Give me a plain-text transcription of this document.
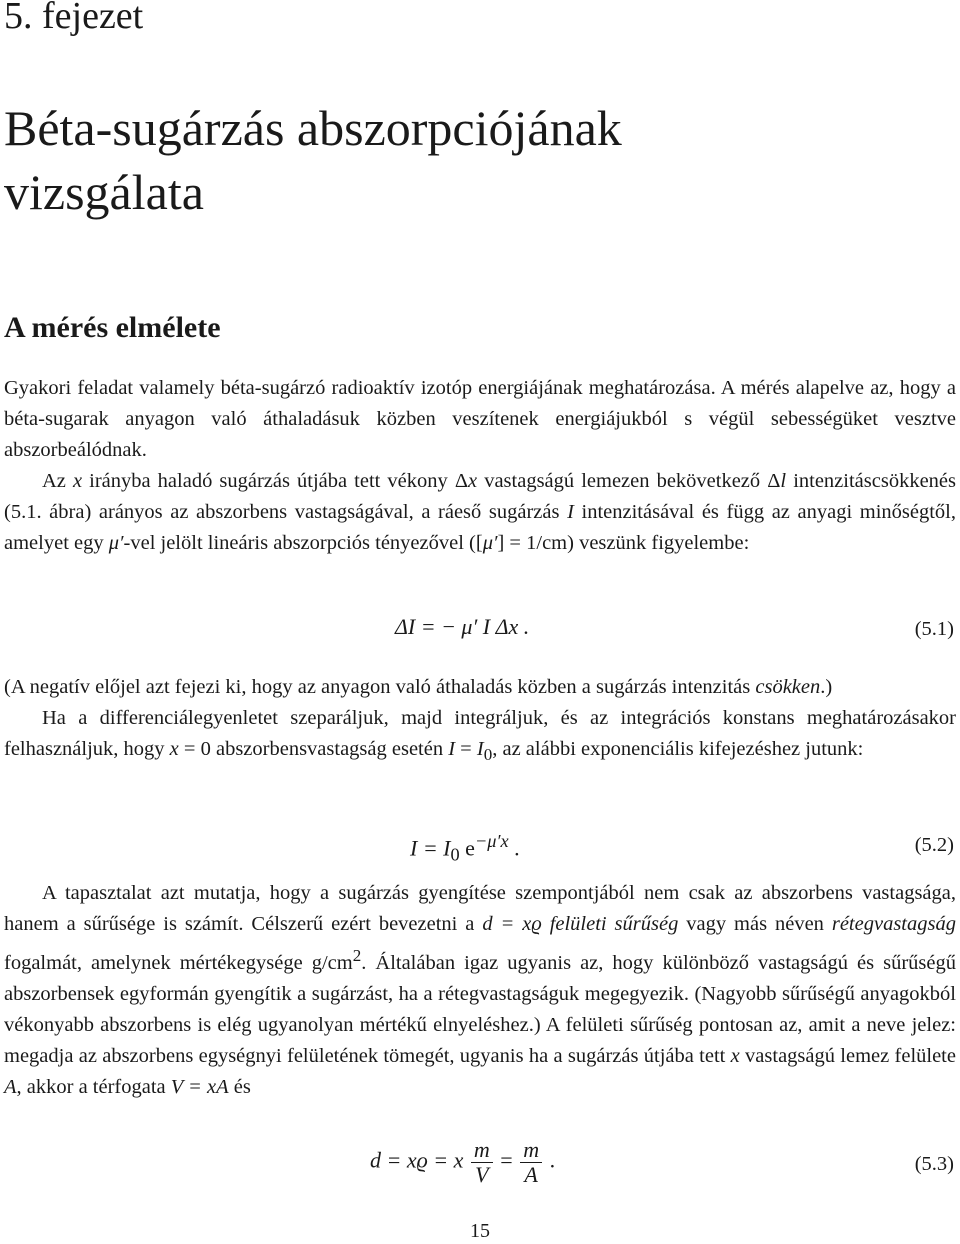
5. fejezet
Béta-sugárzás abszorpciójának
vizsgálata
A mérés elmélete

Gyakori feladat valamely béta-sugárzó radioaktív izotóp energiájának meghatározása. A mérés alapelve az, hogy a béta-sugarak anyagon való áthaladásuk közben veszítenek energiájukból s végül sebességüket vesztve abszorbeálódnak.

Az x irányba haladó sugárzás útjába tett vékony Δx vastagságú lemezen bekövetkező Δl intenzitáscsökkenés (5.1. ábra) arányos az abszorbens vastagságával, a ráeső sugárzás I intenzitásával és függ az anyagi minőségtől, amelyet egy μ′-vel jelölt lineáris abszorpciós tényezővel ([μ′] = 1/cm) veszünk figyelembe:

ΔI = − μ′ I Δx .	(5.1)

(A negatív előjel azt fejezi ki, hogy az anyagon való áthaladás közben a sugárzás intenzitás csökken.)

Ha a differenciálegyenletet szeparáljuk, majd integráljuk, és az integrációs konstans meghatározásakor felhasználjuk, hogy x = 0 abszorbensvastagság esetén $I = I_0$, az alábbi exponenciális kifejezéshez jutunk:

$I = I_0$ $e^{-\mu'x}$ .	(5.2)

A tapasztalat azt mutatja, hogy a sugárzás gyengítése szempontjából nem csak az abszorbens vastagsága, hanem a sűrűsége is számít. Célszerű ezért bevezetni a d = xϱ felületi sűrűség vagy más néven rétegvastagság fogalmát, amelynek mértékegysége $g/cm^2$. Általában igaz ugyanis az, hogy különböző vastagságú és sűrűségű abszorbensek egyformán gyengítik a sugárzást, ha a rétegvastagságuk megegyezik. (Nagyobb sűrűségű anyagokból vékonyabb abszorbens is elég ugyanolyan mértékű elnyeléshez.) A felületi sűrűség pontosan az, amit a neve jelez: megadja az abszorbens egységnyi felületének tömegét, ugyanis ha a sugárzás útjába tett x vastagságú lemez felülete A, akkor a térfogata V = xA és

d = xϱ = x $\frac{m}{V} = \frac{m}{A}$ .	(5.3)
15
